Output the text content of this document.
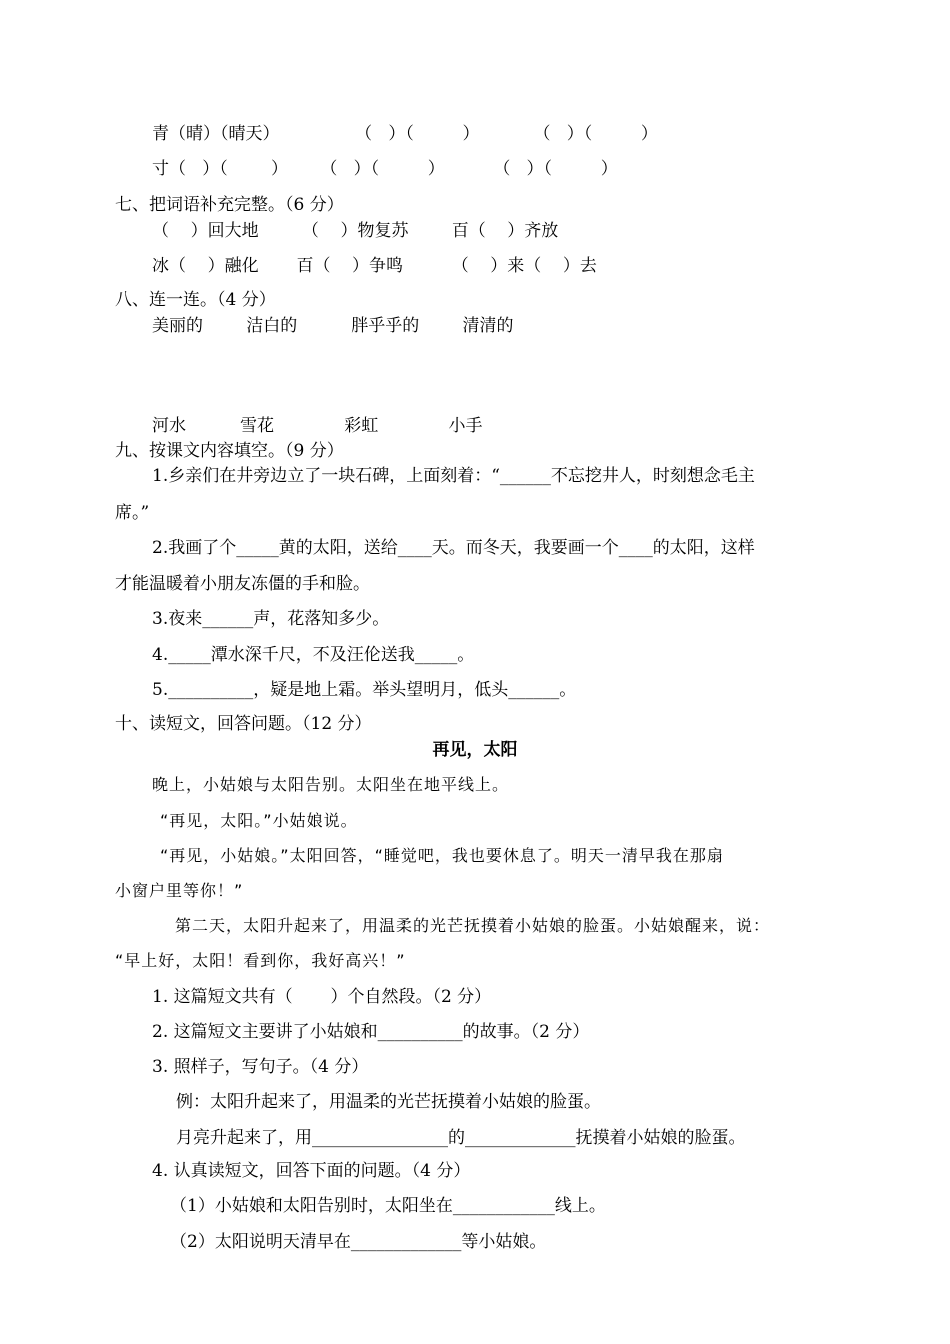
青（晴）（晴天）              （   ）（         ）          （   ）（         ）
寸（   ）（        ）      （   ）（         ）         （   ）（         ）
七、把词语补充完整。（6 分）
（    ）回大地        （    ）物复苏        百（    ）齐放
冰（    ）融化       百（    ）争鸣         （    ）来（    ）去
八、连一连。（4 分）
美丽的        洁白的          胖乎乎的        清清的
河水          雪花             彩虹             小手
九、按课文内容填空。（9 分）
1.乡亲们在井旁边立了一块石碑，上面刻着：“______不忘挖井人，时刻想念毛主
席。”
2.我画了个_____黄的太阳，送给____天。而冬天，我要画一个____的太阳，这样
才能温暖着小朋友冻僵的手和脸。
3.夜来______声，花落知多少。
4._____潭水深千尺，不及汪伦送我_____。
5.__________，疑是地上霜。举头望明月，低头______。
十、读短文，回答问题。（12 分）
再见，太阳
晚上，小姑娘与太阳告别。太阳坐在地平线上。
“再见，太阳。”小姑娘说。
“再见，小姑娘。”太阳回答，“睡觉吧，我也要休息了。明天一清早我在那扇
小窗户里等你！”
第二天，太阳升起来了，用温柔的光芒抚摸着小姑娘的脸蛋。小姑娘醒来，说：
“早上好，太阳！看到你，我好高兴！”
1. 这篇短文共有（       ）个自然段。（2 分）
2. 这篇短文主要讲了小姑娘和__________的故事。（2 分）
3. 照样子，写句子。（4 分）
例：太阳升起来了，用温柔的光芒抚摸着小姑娘的脸蛋。
月亮升起来了，用________________的_____________抚摸着小姑娘的脸蛋。
4. 认真读短文，回答下面的问题。（4 分）
（1）小姑娘和太阳告别时，太阳坐在____________线上。
（2）太阳说明天清早在_____________等小姑娘。
